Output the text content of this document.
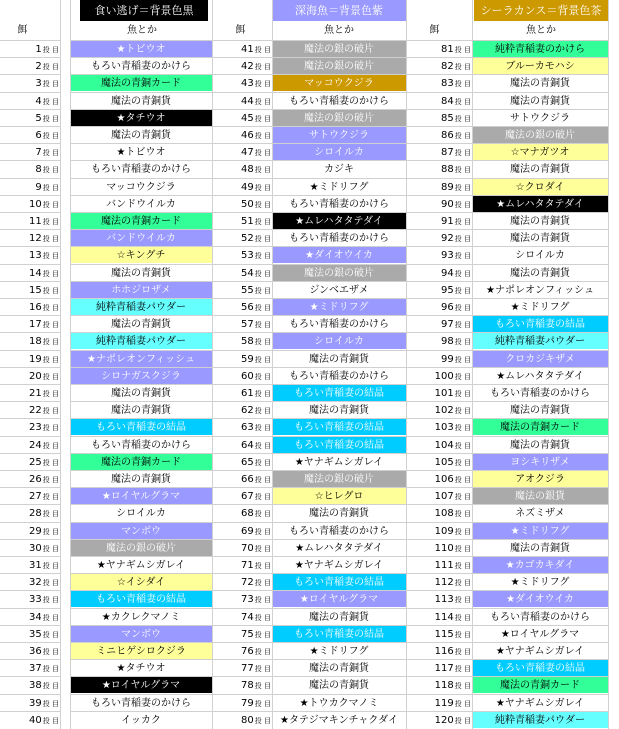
食い逃げ＝背景色黒	深海魚＝背景色紫	シーラカンス＝背景色茶
餌	魚とか	餌	魚とか	餌	魚とか
1投 目	★トビウオ	41投 目	魔法の銀の破片	81投 目	純粋青稲妻のかけら
2投 目	もろい青稲妻のかけら	42投 目	魔法の銀の破片	82投 目	ブルーカモハシ
3投 目	魔法の青銅カード	43投 目	マッコウクジラ	83投 目	魔法の青銅貨
4投 目	魔法の青銅貨	44投 目	もろい青稲妻のかけら	84投 目	魔法の青銅貨
5投 目	★タチウオ	45投 目	魔法の銀の破片	85投 目	サトウクジラ
6投 目	魔法の青銅貨	46投 目	サトウクジラ	86投 目	魔法の銀の破片
7投 目	★トビウオ	47投 目	シロイルカ	87投 目	☆マナガツオ
8投 目	もろい青稲妻のかけら	48投 目	カジキ	88投 目	魔法の青銅貨
9投 目	マッコウクジラ	49投 目	★ミドリフグ	89投 目	☆クロダイ
10投 目	バンドウイルカ	50投 目	もろい青稲妻のかけら	90投 目	★ムレハタタテダイ
11投 目	魔法の青銅カード	51投 目	★ムレハタタテダイ	91投 目	魔法の青銅貨
12投 目	バンドウイルカ	52投 目	もろい青稲妻のかけら	92投 目	魔法の青銅貨
13投 目	☆キングチ	53投 目	★ダイオウイカ	93投 目	シロイルカ
14投 目	魔法の青銅貨	54投 目	魔法の銀の破片	94投 目	魔法の青銅貨
15投 目	ホホジロザメ	55投 目	ジンベエザメ	95投 目	★ナポレオンフィッシュ
16投 目	純粋青稲妻パウダー	56投 目	★ミドリフグ	96投 目	★ミドリフグ
17投 目	魔法の青銅貨	57投 目	もろい青稲妻のかけら	97投 目	もろい青稲妻の結晶
18投 目	純粋青稲妻パウダー	58投 目	シロイルカ	98投 目	純粋青稲妻パウダー
19投 目	★ナポレオンフィッシュ	59投 目	魔法の青銅貨	99投 目	クロカジキザメ
20投 目	シロナガスクジラ	60投 目	もろい青稲妻のかけら	100投 目	★ムレハタタテダイ
21投 目	魔法の青銅貨	61投 目	もろい青稲妻の結晶	101投 目	もろい青稲妻のかけら
22投 目	魔法の青銅貨	62投 目	魔法の青銅貨	102投 目	魔法の青銅貨
23投 目	もろい青稲妻の結晶	63投 目	もろい青稲妻の結晶	103投 目	魔法の青銅カード
24投 目	もろい青稲妻のかけら	64投 目	もろい青稲妻の結晶	104投 目	魔法の青銅貨
25投 目	魔法の青銅カード	65投 目	★ヤナギムシガレイ	105投 目	ヨシキリザメ
26投 目	魔法の青銅貨	66投 目	魔法の銀の破片	106投 目	アオクジラ
27投 目	★ロイヤルグラマ	67投 目	☆ヒレグロ	107投 目	魔法の銀貨
28投 目	シロイルカ	68投 目	魔法の青銅貨	108投 目	ネズミザメ
29投 目	マンボウ	69投 目	もろい青稲妻のかけら	109投 目	★ミドリフグ
30投 目	魔法の銀の破片	70投 目	★ムレハタタテダイ	110投 目	魔法の青銅貨
31投 目	★ヤナギムシガレイ	71投 目	★ヤナギムシガレイ	111投 目	★カゴカキダイ
32投 目	☆イシダイ	72投 目	もろい青稲妻の結晶	112投 目	★ミドリフグ
33投 目	もろい青稲妻の結晶	73投 目	★ロイヤルグラマ	113投 目	★ダイオウイカ
34投 目	★カクレクマノミ	74投 目	魔法の青銅貨	114投 目	もろい青稲妻のかけら
35投 目	マンボウ	75投 目	もろい青稲妻の結晶	115投 目	★ロイヤルグラマ
36投 目	ミニヒゲシロクジラ	76投 目	★ミドリフグ	116投 目	★ヤナギムシガレイ
37投 目	★タチウオ	77投 目	魔法の青銅貨	117投 目	もろい青稲妻の結晶
38投 目	★ロイヤルグラマ	78投 目	魔法の青銅貨	118投 目	魔法の青銅カード
39投 目	もろい青稲妻のかけら	79投 目	★トウカクマノミ	119投 目	★ヤナギムシガレイ
40投 目	イッカク	80投 目 ★タテジマキンチャクダイ	120投 目	純粋青稲妻パウダー
